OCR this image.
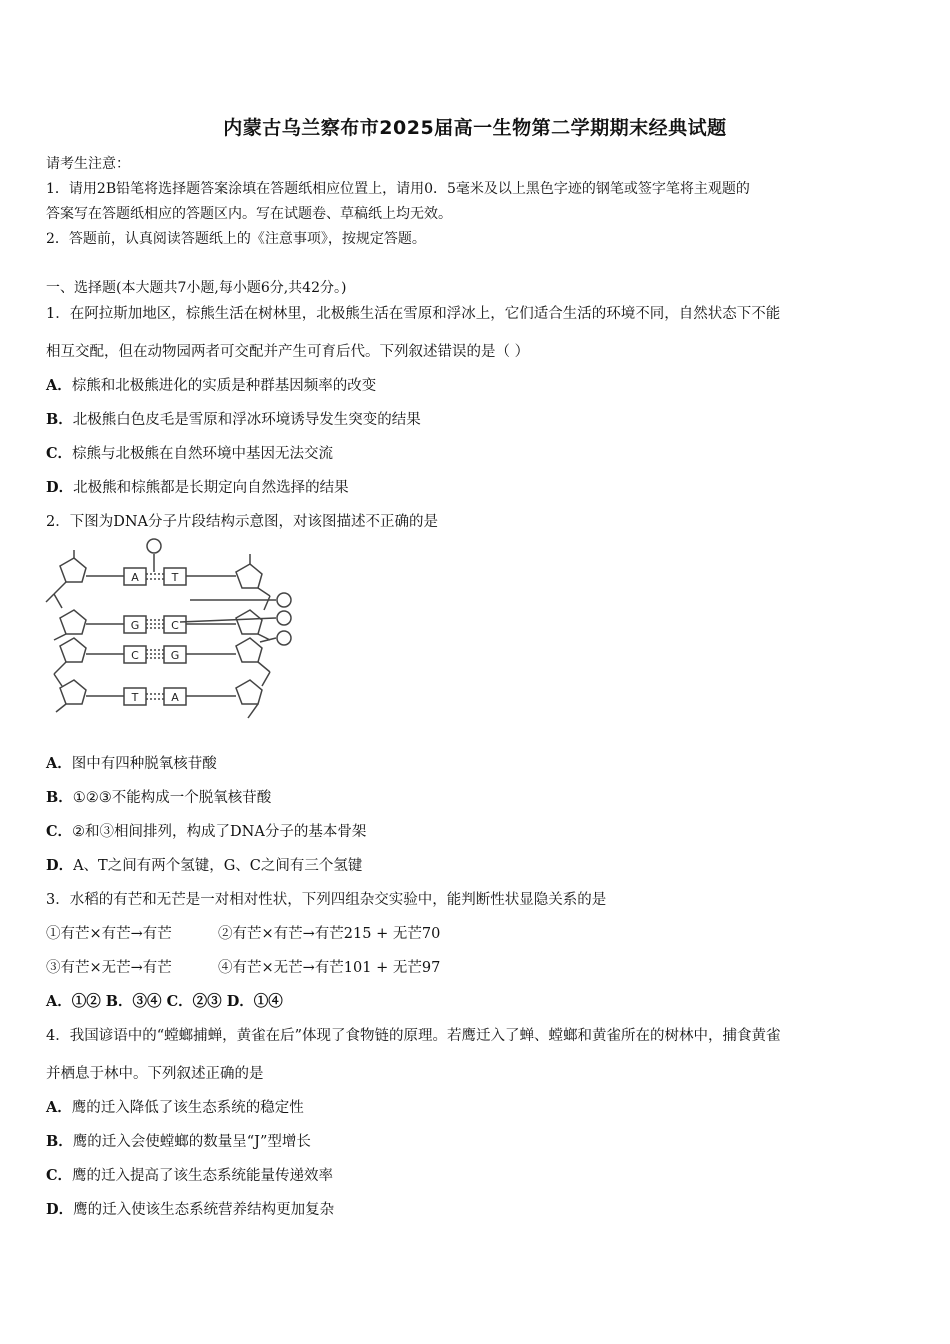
内蒙古乌兰察布市2025届高一生物第二学期期末经典试题
请考生注意：
1．请用2B铅笔将选择题答案涂填在答题纸相应位置上，请用0．5毫米及以上黑色字迹的钢笔或签字笔将主观题的
答案写在答题纸相应的答题区内。写在试题卷、草稿纸上均无效。
2．答题前，认真阅读答题纸上的《注意事项》，按规定答题。
一、选择题(本大题共7小题,每小题6分,共42分。)
1．在阿拉斯加地区，棕熊生活在树林里，北极熊生活在雪原和浮冰上，它们适合生活的环境不同，自然状态下不能
相互交配，但在动物园两者可交配并产生可育后代。下列叙述错误的是（ ）
A．棕熊和北极熊进化的实质是种群基因频率的改变
B．北极熊白色皮毛是雪原和浮冰环境诱导发生突变的结果
C．棕熊与北极熊在自然环境中基因无法交流
D．北极熊和棕熊都是长期定向自然选择的结果
2．下图为DNA分子片段结构示意图，对该图描述不正确的是
A
G
C
T
T
C
G
A
A．图中有四种脱氧核苷酸
B．①②③不能构成一个脱氧核苷酸
C．②和③相间排列，构成了DNA分子的基本骨架
D．A、T之间有两个氢键，G、C之间有三个氢键
3．水稻的有芒和无芒是一对相对性状，下列四组杂交实验中，能判断性状显隐关系的是
①有芒×有芒→有芒	②有芒×有芒→有芒215 + 无芒70
③有芒×无芒→有芒	④有芒×无芒→有芒101 + 无芒97
A．①② B．③④ C．②③ D．①④
4．我国谚语中的“螳螂捕蝉，黄雀在后”体现了食物链的原理。若鹰迁入了蝉、螳螂和黄雀所在的树林中，捕食黄雀
并栖息于林中。下列叙述正确的是
A．鹰的迁入降低了该生态系统的稳定性
B．鹰的迁入会使螳螂的数量呈“J”型增长
C．鹰的迁入提高了该生态系统能量传递效率
D．鹰的迁入使该生态系统营养结构更加复杂
